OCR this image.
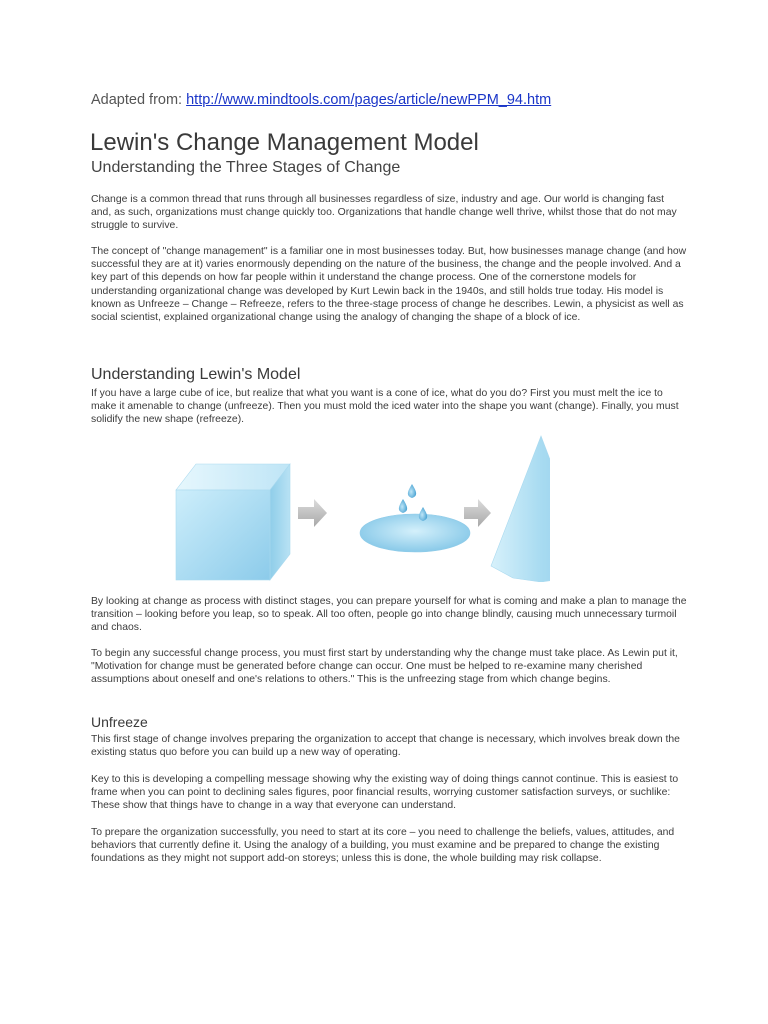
Adapted from: http://www.mindtools.com/pages/article/newPPM_94.htm
Lewin's Change Management Model
Understanding the Three Stages of Change

Change is a common thread that runs through all businesses regardless of size, industry and age. Our world is changing fast and, as such, organizations must change quickly too. Organizations that handle change well thrive, whilst those that do not may struggle to survive.

The concept of "change management" is a familiar one in most businesses today. But, how businesses manage change (and how successful they are at it) varies enormously depending on the nature of the business, the change and the people involved. And a key part of this depends on how far people within it understand the change process. One of the cornerstone models for understanding organizational change was developed by Kurt Lewin back in the 1940s, and still holds true today. His model is known as Unfreeze – Change – Refreeze, refers to the three-stage process of change he describes. Lewin, a physicist as well as social scientist, explained organizational change using the analogy of changing the shape of a block of ice.

Understanding Lewin's Model

If you have a large cube of ice, but realize that what you want is a cone of ice, what do you do? First you must melt the ice to make it amenable to change (unfreeze). Then you must mold the iced water into the shape you want (change). Finally, you must solidify the new shape (refreeze).

By looking at change as process with distinct stages, you can prepare yourself for what is coming and make a plan to manage the transition – looking before you leap, so to speak. All too often, people go into change blindly, causing much unnecessary turmoil and chaos.

To begin any successful change process, you must first start by understanding why the change must take place. As Lewin put it, "Motivation for change must be generated before change can occur. One must be helped to re-examine many cherished assumptions about oneself and one's relations to others." This is the unfreezing stage from which change begins.

Unfreeze

This first stage of change involves preparing the organization to accept that change is necessary, which involves break down the existing status quo before you can build up a new way of operating.

Key to this is developing a compelling message showing why the existing way of doing things cannot continue. This is easiest to frame when you can point to declining sales figures, poor financial results, worrying customer satisfaction surveys, or suchlike: These show that things have to change in a way that everyone can understand.

To prepare the organization successfully, you need to start at its core – you need to challenge the beliefs, values, attitudes, and behaviors that currently define it. Using the analogy of a building, you must examine and be prepared to change the existing foundations as they might not support add-on storeys; unless this is done, the whole building may risk collapse.
